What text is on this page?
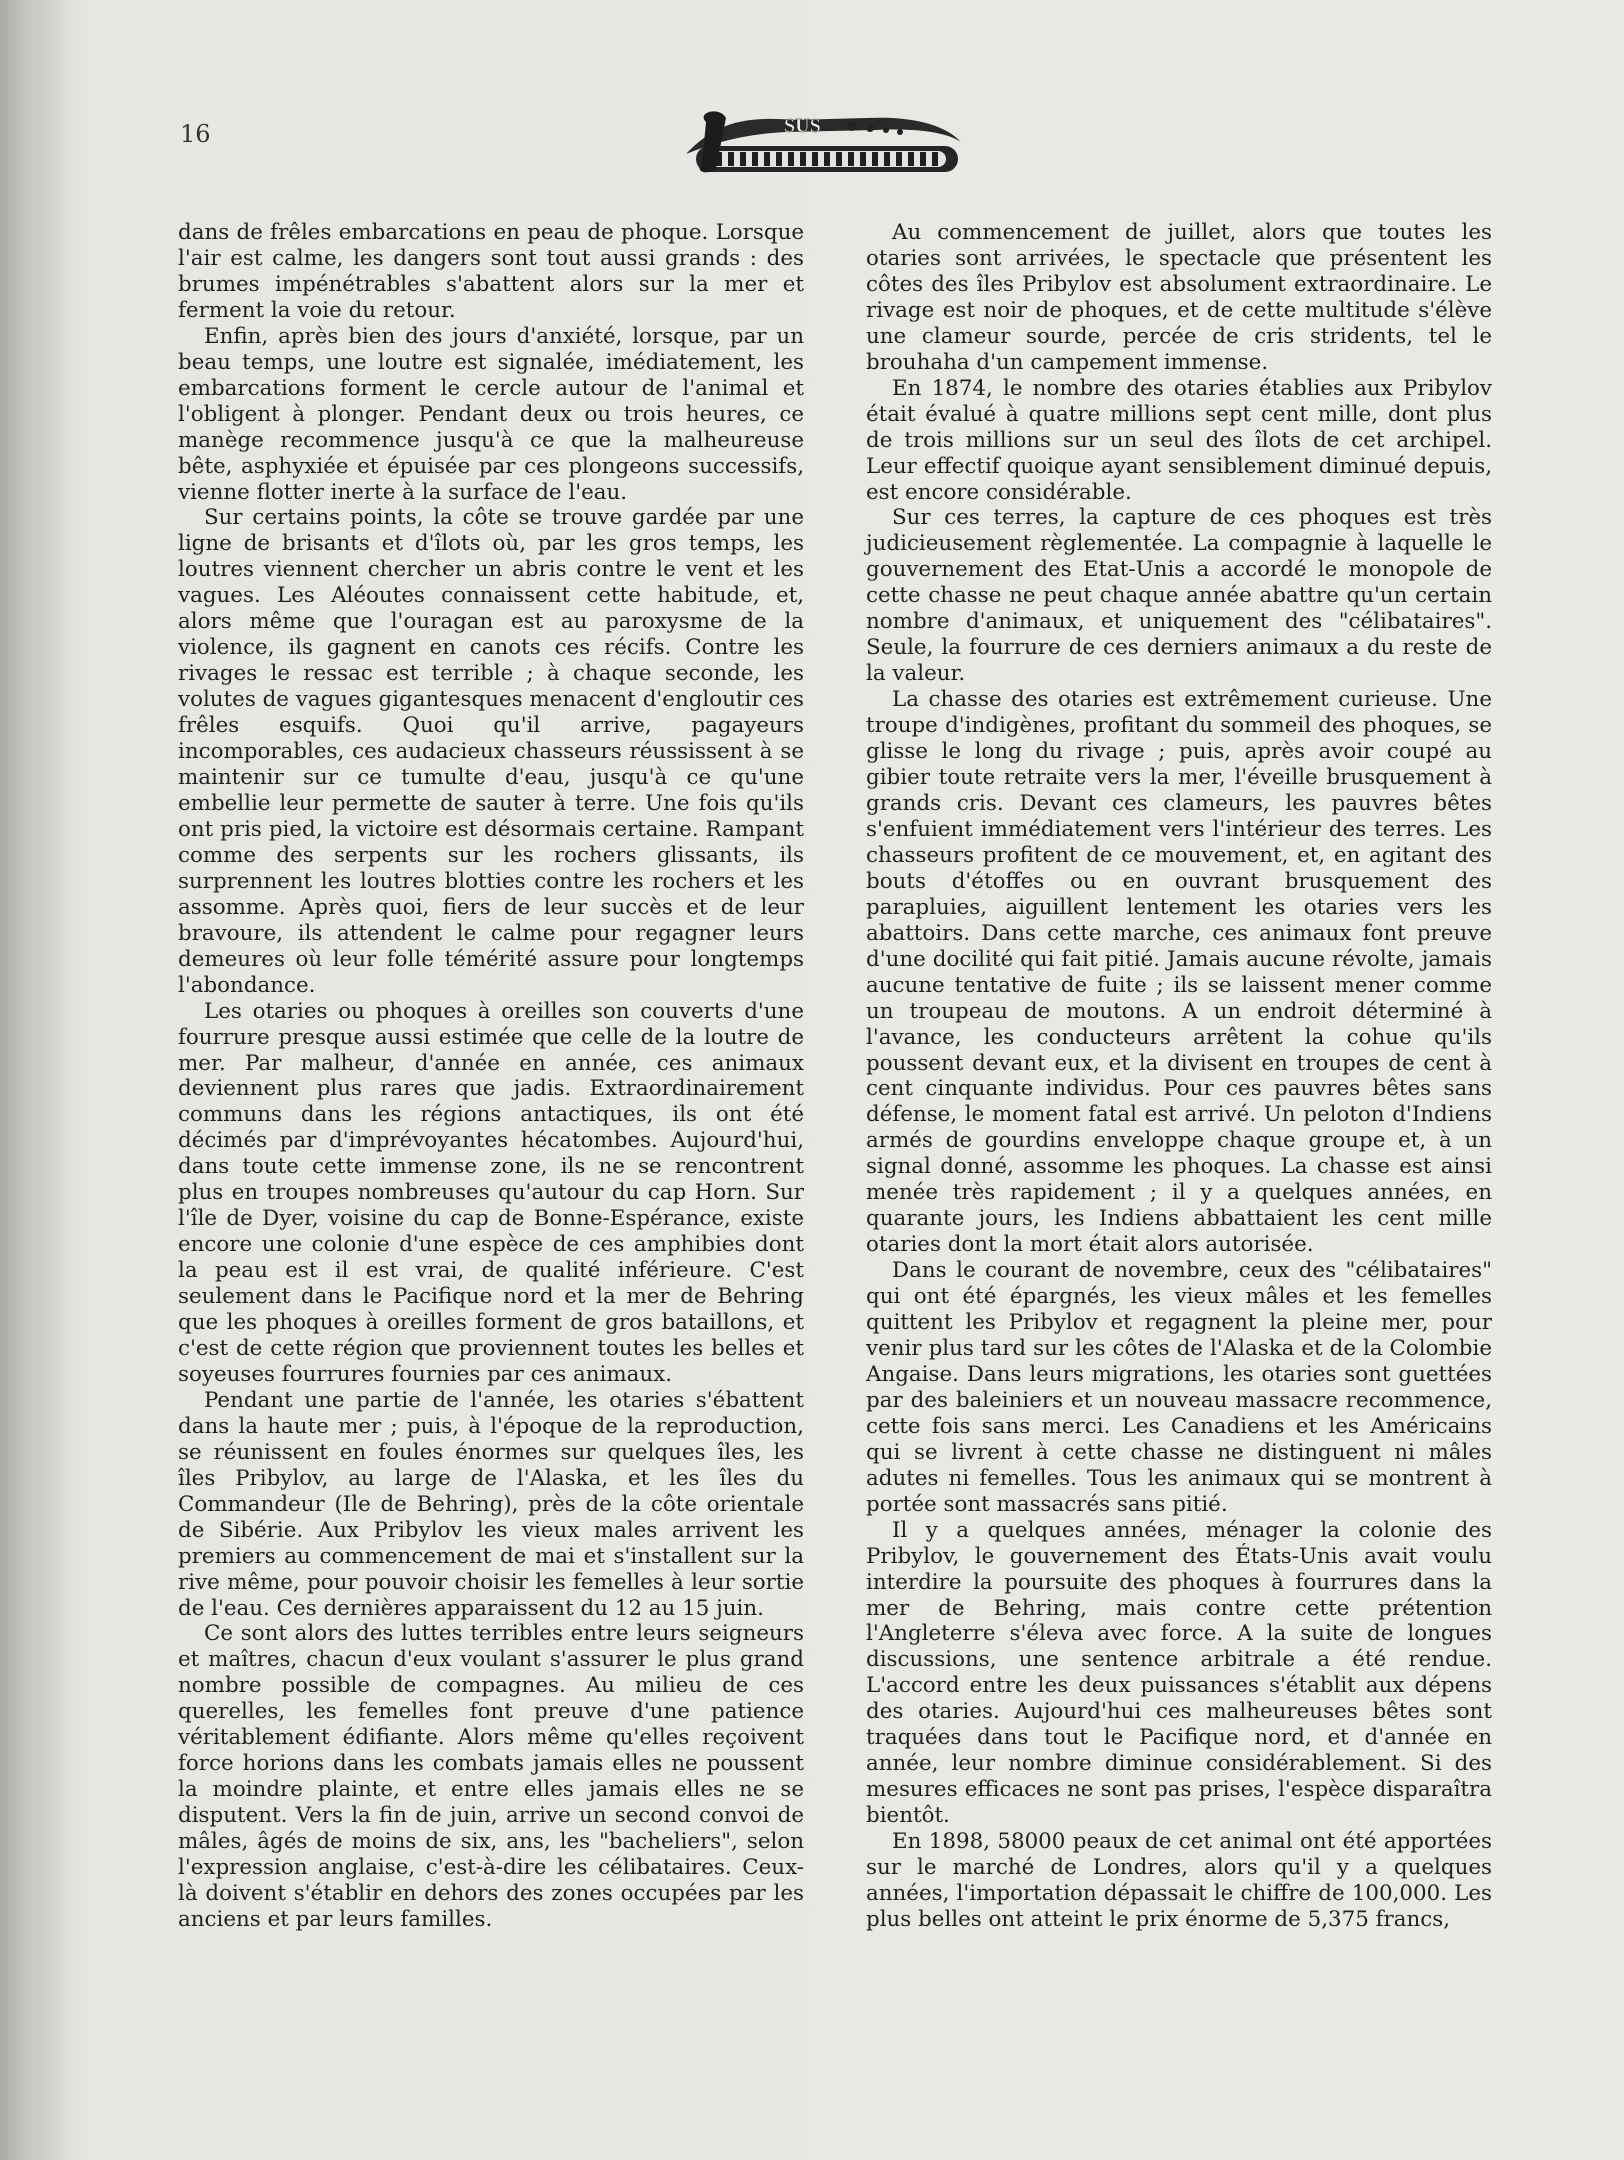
16	SUS

dans de frêles embarcations en peau de phoque. Lorsque l'air est calme, les dangers sont tout aussi grands : des brumes impénétrables s'abattent alors sur la mer et ferment la voie du retour.

Enfin, après bien des jours d'anxiété, lorsque, par un beau temps, une loutre est signalée, imédiatement, les embarcations forment le cercle autour de l'animal et l'obligent à plonger. Pendant deux ou trois heures, ce manège recommence jusqu'à ce que la malheureuse bête, asphyxiée et épuisée par ces plongeons successifs, vienne flotter inerte à la surface de l'eau.

Sur certains points, la côte se trouve gardée par une ligne de brisants et d'îlots où, par les gros temps, les loutres viennent chercher un abris contre le vent et les vagues. Les Aléoutes connaissent cette habitude, et, alors même que l'ouragan est au paroxysme de la violence, ils gagnent en canots ces récifs. Contre les rivages le ressac est terrible ; à chaque seconde, les volutes de vagues gigantesques menacent d'engloutir ces frêles esquifs. Quoi qu'il arrive, pagayeurs incomporables, ces audacieux chasseurs réussissent à se maintenir sur ce tumulte d'eau, jusqu'à ce qu'une embellie leur permette de sauter à terre. Une fois qu'ils ont pris pied, la victoire est désormais certaine. Rampant comme des serpents sur les rochers glissants, ils surprennent les loutres blotties contre les rochers et les assomme. Après quoi, fiers de leur succès et de leur bravoure, ils attendent le calme pour regagner leurs demeures où leur folle témérité assure pour longtemps l'abondance.

Les otaries ou phoques à oreilles son couverts d'une fourrure presque aussi estimée que celle de la loutre de mer. Par malheur, d'année en année, ces animaux deviennent plus rares que jadis. Extraordinairement communs dans les régions antactiques, ils ont été décimés par d'imprévoyantes hécatombes. Aujourd'hui, dans toute cette immense zone, ils ne se rencontrent plus en troupes nombreuses qu'autour du cap Horn. Sur l'île de Dyer, voisine du cap de Bonne-Espérance, existe encore une colonie d'une espèce de ces amphibies dont la peau est il est vrai, de qualité inférieure. C'est seulement dans le Pacifique nord et la mer de Behring que les phoques à oreilles forment de gros bataillons, et c'est de cette région que proviennent toutes les belles et soyeuses fourrures fournies par ces animaux.

Pendant une partie de l'année, les otaries s'ébattent dans la haute mer ; puis, à l'époque de la reproduction, se réunissent en foules énormes sur quelques îles, les îles Pribylov, au large de l'Alaska, et les îles du Commandeur (Ile de Behring), près de la côte orientale de Sibérie. Aux Pribylov les vieux males arrivent les premiers au commencement de mai et s'installent sur la rive même, pour pouvoir choisir les femelles à leur sortie de l'eau. Ces dernières apparaissent du 12 au 15 juin.

Ce sont alors des luttes terribles entre leurs seigneurs et maîtres, chacun d'eux voulant s'assurer le plus grand nombre possible de compagnes. Au milieu de ces querelles, les femelles font preuve d'une patience véritablement édifiante. Alors même qu'elles reçoivent force horions dans les combats jamais elles ne poussent la moindre plainte, et entre elles jamais elles ne se disputent. Vers la fin de juin, arrive un second convoi de mâles, âgés de moins de six, ans, les "bacheliers", selon l'expression anglaise, c'est-à-dire les célibataires. Ceux-là doivent s'établir en dehors des zones occupées par les anciens et par leurs familles.

Au commencement de juillet, alors que toutes les otaries sont arrivées, le spectacle que présentent les côtes des îles Pribylov est absolument extraordinaire. Le rivage est noir de phoques, et de cette multitude s'élève une clameur sourde, percée de cris stridents, tel le brouhaha d'un campement immense.

En 1874, le nombre des otaries établies aux Pribylov était évalué à quatre millions sept cent mille, dont plus de trois millions sur un seul des îlots de cet archipel. Leur effectif quoique ayant sensiblement diminué depuis, est encore considérable.

Sur ces terres, la capture de ces phoques est très judicieusement règlementée. La compagnie à laquelle le gouvernement des Etat-Unis a accordé le monopole de cette chasse ne peut chaque année abattre qu'un certain nombre d'animaux, et uniquement des "célibataires". Seule, la fourrure de ces derniers animaux a du reste de la valeur.

La chasse des otaries est extrêmement curieuse. Une troupe d'indigènes, profitant du sommeil des phoques, se glisse le long du rivage ; puis, après avoir coupé au gibier toute retraite vers la mer, l'éveille brusquement à grands cris. Devant ces clameurs, les pauvres bêtes s'enfuient immédiatement vers l'intérieur des terres. Les chasseurs profitent de ce mouvement, et, en agitant des bouts d'étoffes ou en ouvrant brusquement des parapluies, aiguillent lentement les otaries vers les abattoirs. Dans cette marche, ces animaux font preuve d'une docilité qui fait pitié. Jamais aucune révolte, jamais aucune tentative de fuite ; ils se laissent mener comme un troupeau de moutons. A un endroit déterminé à l'avance, les conducteurs arrêtent la cohue qu'ils poussent devant eux, et la divisent en troupes de cent à cent cinquante individus. Pour ces pauvres bêtes sans défense, le moment fatal est arrivé. Un peloton d'Indiens armés de gourdins enveloppe chaque groupe et, à un signal donné, assomme les phoques. La chasse est ainsi menée très rapidement ; il y a quelques années, en quarante jours, les Indiens abbattaient les cent mille otaries dont la mort était alors autorisée.

Dans le courant de novembre, ceux des "célibataires" qui ont été épargnés, les vieux mâles et les femelles quittent les Pribylov et regagnent la pleine mer, pour venir plus tard sur les côtes de l'Alaska et de la Colombie Angaise. Dans leurs migrations, les otaries sont guettées par des baleiniers et un nouveau massacre recommence, cette fois sans merci. Les Canadiens et les Américains qui se livrent à cette chasse ne distinguent ni mâles adutes ni femelles. Tous les animaux qui se montrent à portée sont massacrés sans pitié.

Il y a quelques années, ménager la colonie des Pribylov, le gouvernement des États-Unis avait voulu interdire la poursuite des phoques à fourrures dans la mer de Behring, mais contre cette prétention l'Angleterre s'éleva avec force. A la suite de longues discussions, une sentence arbitrale a été rendue. L'accord entre les deux puissances s'établit aux dépens des otaries. Aujourd'hui ces malheureuses bêtes sont traquées dans tout le Pacifique nord, et d'année en année, leur nombre diminue considérablement. Si des mesures efficaces ne sont pas prises, l'espèce disparaîtra bientôt.

En 1898, 58000 peaux de cet animal ont été apportées sur le marché de Londres, alors qu'il y a quelques années, l'importation dépassait le chiffre de 100,000. Les plus belles ont atteint le prix énorme de 5,375 francs,
